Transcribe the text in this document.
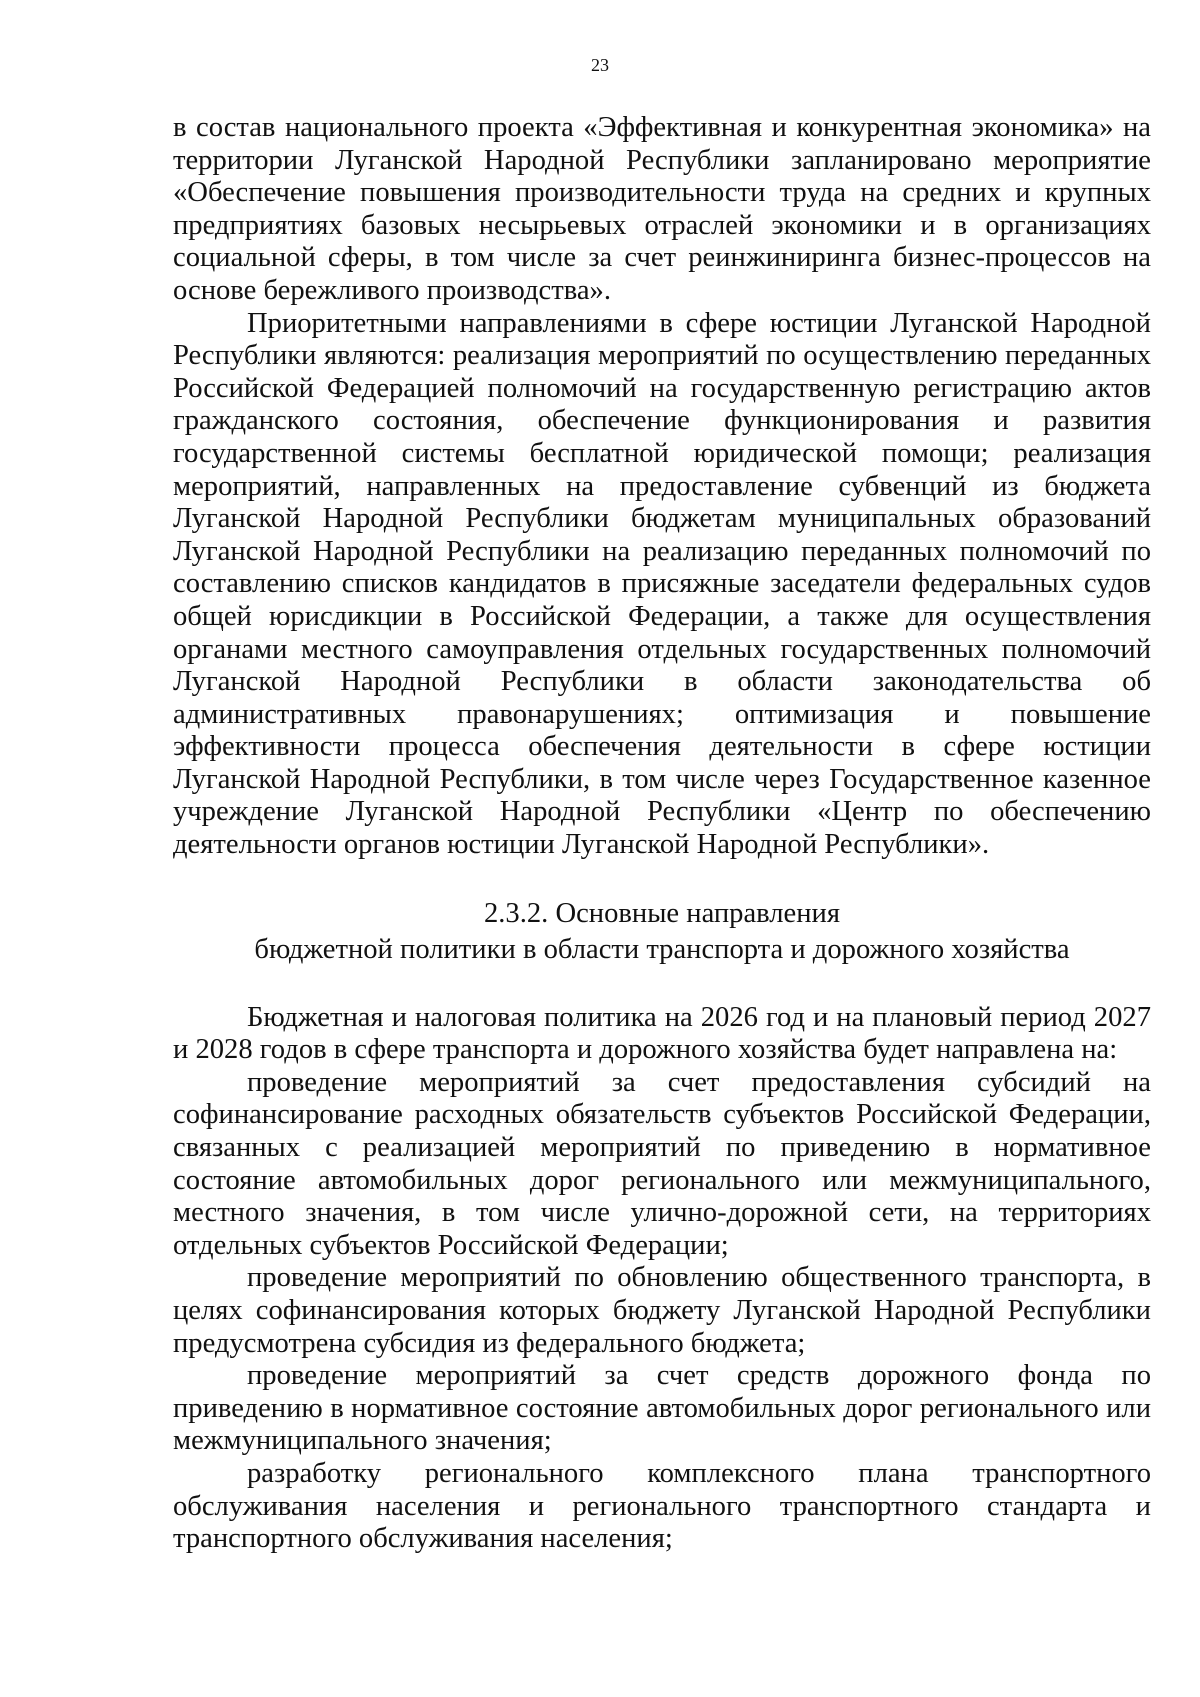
23

в состав национального проекта «Эффективная и конкурентная экономика» на территории Луганской Народной Республики запланировано мероприятие «Обеспечение повышения производительности труда на средних и крупных предприятиях базовых несырьевых отраслей экономики и в организациях социальной сферы, в том числе за счет реинжиниринга бизнес-процессов на основе бережливого производства».

Приоритетными направлениями в сфере юстиции Луганской Народной Республики являются: реализация мероприятий по осуществлению переданных Российской Федерацией полномочий на государственную регистрацию актов гражданского состояния, обеспечение функционирования и развития государственной системы бесплатной юридической помощи; реализация мероприятий, направленных на предоставление субвенций из бюджета Луганской Народной Республики бюджетам муниципальных образований Луганской Народной Республики на реализацию переданных полномочий по составлению списков кандидатов в присяжные заседатели федеральных судов общей юрисдикции в Российской Федерации, а также для осуществления органами местного самоуправления отдельных государственных полномочий Луганской Народной Республики в области законодательства об административных правонарушениях; оптимизация и повышение эффективности процесса обеспечения деятельности в сфере юстиции Луганской Народной Республики, в том числе через Государственное казенное учреждение Луганской Народной Республики «Центр по обеспечению деятельности органов юстиции Луганской Народной Республики».

2.3.2. Основные направления
бюджетной политики в области транспорта и дорожного хозяйства

Бюджетная и налоговая политика на 2026 год и на плановый период 2027 и 2028 годов в сфере транспорта и дорожного хозяйства будет направлена на:

проведение мероприятий за счет предоставления субсидий на софинансирование расходных обязательств субъектов Российской Федерации, связанных с реализацией мероприятий по приведению в нормативное состояние автомобильных дорог регионального или межмуниципального, местного значения, в том числе улично-дорожной сети, на территориях отдельных субъектов Российской Федерации;

проведение мероприятий по обновлению общественного транспорта, в целях софинансирования которых бюджету Луганской Народной Республики предусмотрена субсидия из федерального бюджета;

проведение мероприятий за счет средств дорожного фонда по приведению в нормативное состояние автомобильных дорог регионального или межмуниципального значения;

разработку регионального комплексного плана транспортного обслуживания населения и регионального транспортного стандарта и транспортного обслуживания населения;
